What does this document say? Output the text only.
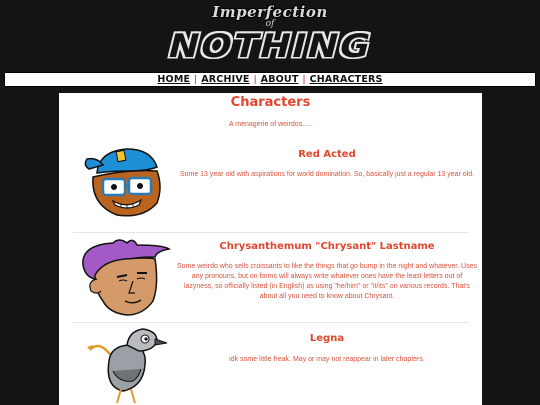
Imperfection
of
NOTHING
HOME | ARCHIVE | ABOUT | CHARACTERS
Characters
A menagerie of weirdos.....
Red Acted
Some 13 year old with aspirations for world domination. So, basically just a regular 13 year old.
Chrysanthemum "Chrysant" Lastname
Some weirdo who sells croissants to like the things that go bump in the night and whatever. Uses any pronouns, but on forms will always write whatever ones have the least letters out of lazyness, so officially listed (in English) as using "he/him" or "it/its" on various records. That's about all you need to know about Chrysant.
Legna
idk some little freak. May or may not reappear in later chapters.
